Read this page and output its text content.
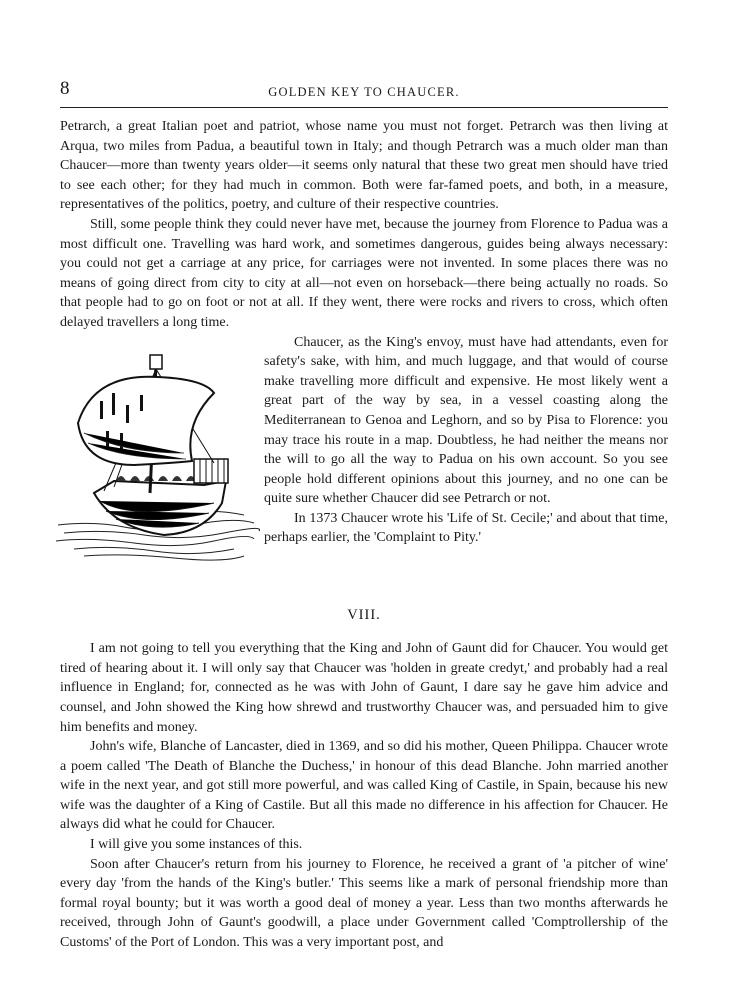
8	GOLDEN KEY TO CHAUCER.

Petrarch, a great Italian poet and patriot, whose name you must not forget. Petrarch was then living at Arqua, two miles from Padua, a beautiful town in Italy; and though Petrarch was a much older man than Chaucer—more than twenty years older—it seems only natural that these two great men should have tried to see each other; for they had much in common. Both were far-famed poets, and both, in a measure, representatives of the politics, poetry, and culture of their respective countries.

Still, some people think they could never have met, because the journey from Florence to Padua was a most difficult one. Travelling was hard work, and sometimes dangerous, guides being always necessary: you could not get a carriage at any price, for carriages were not invented. In some places there was no means of going direct from city to city at all—not even on horseback—there being actually no roads. So that people had to go on foot or not at all. If they went, there were rocks and rivers to cross, which often delayed travellers a long time.

Chaucer, as the King's envoy, must have had attendants, even for safety's sake, with him, and much luggage, and that would of course make travelling more difficult and expensive. He most likely went a great part of the way by sea, in a vessel coasting along the Mediterranean to Genoa and Leghorn, and so by Pisa to Florence: you may trace his route in a map. Doubtless, he had neither the means nor the will to go all the way to Padua on his own account. So you see people hold different opinions about this journey, and no one can be quite sure whether Chaucer did see Petrarch or not.

In 1373 Chaucer wrote his 'Life of St. Cecile;' and about that time, perhaps earlier, the 'Complaint to Pity.'

VIII.

I am not going to tell you everything that the King and John of Gaunt did for Chaucer. You would get tired of hearing about it. I will only say that Chaucer was 'holden in greate credyt,' and probably had a real influence in England; for, connected as he was with John of Gaunt, I dare say he gave him advice and counsel, and John showed the King how shrewd and trustworthy Chaucer was, and persuaded him to give him benefits and money.

John's wife, Blanche of Lancaster, died in 1369, and so did his mother, Queen Philippa. Chaucer wrote a poem called 'The Death of Blanche the Duchess,' in honour of this dead Blanche. John married another wife in the next year, and got still more powerful, and was called King of Castile, in Spain, because his new wife was the daughter of a King of Castile. But all this made no difference in his affection for Chaucer. He always did what he could for Chaucer.

I will give you some instances of this.

Soon after Chaucer's return from his journey to Florence, he received a grant of 'a pitcher of wine' every day 'from the hands of the King's butler.' This seems like a mark of personal friendship more than formal royal bounty; but it was worth a good deal of money a year. Less than two months afterwards he received, through John of Gaunt's goodwill, a place under Government called 'Comptrollership of the Customs' of the Port of London. This was a very important post, and
